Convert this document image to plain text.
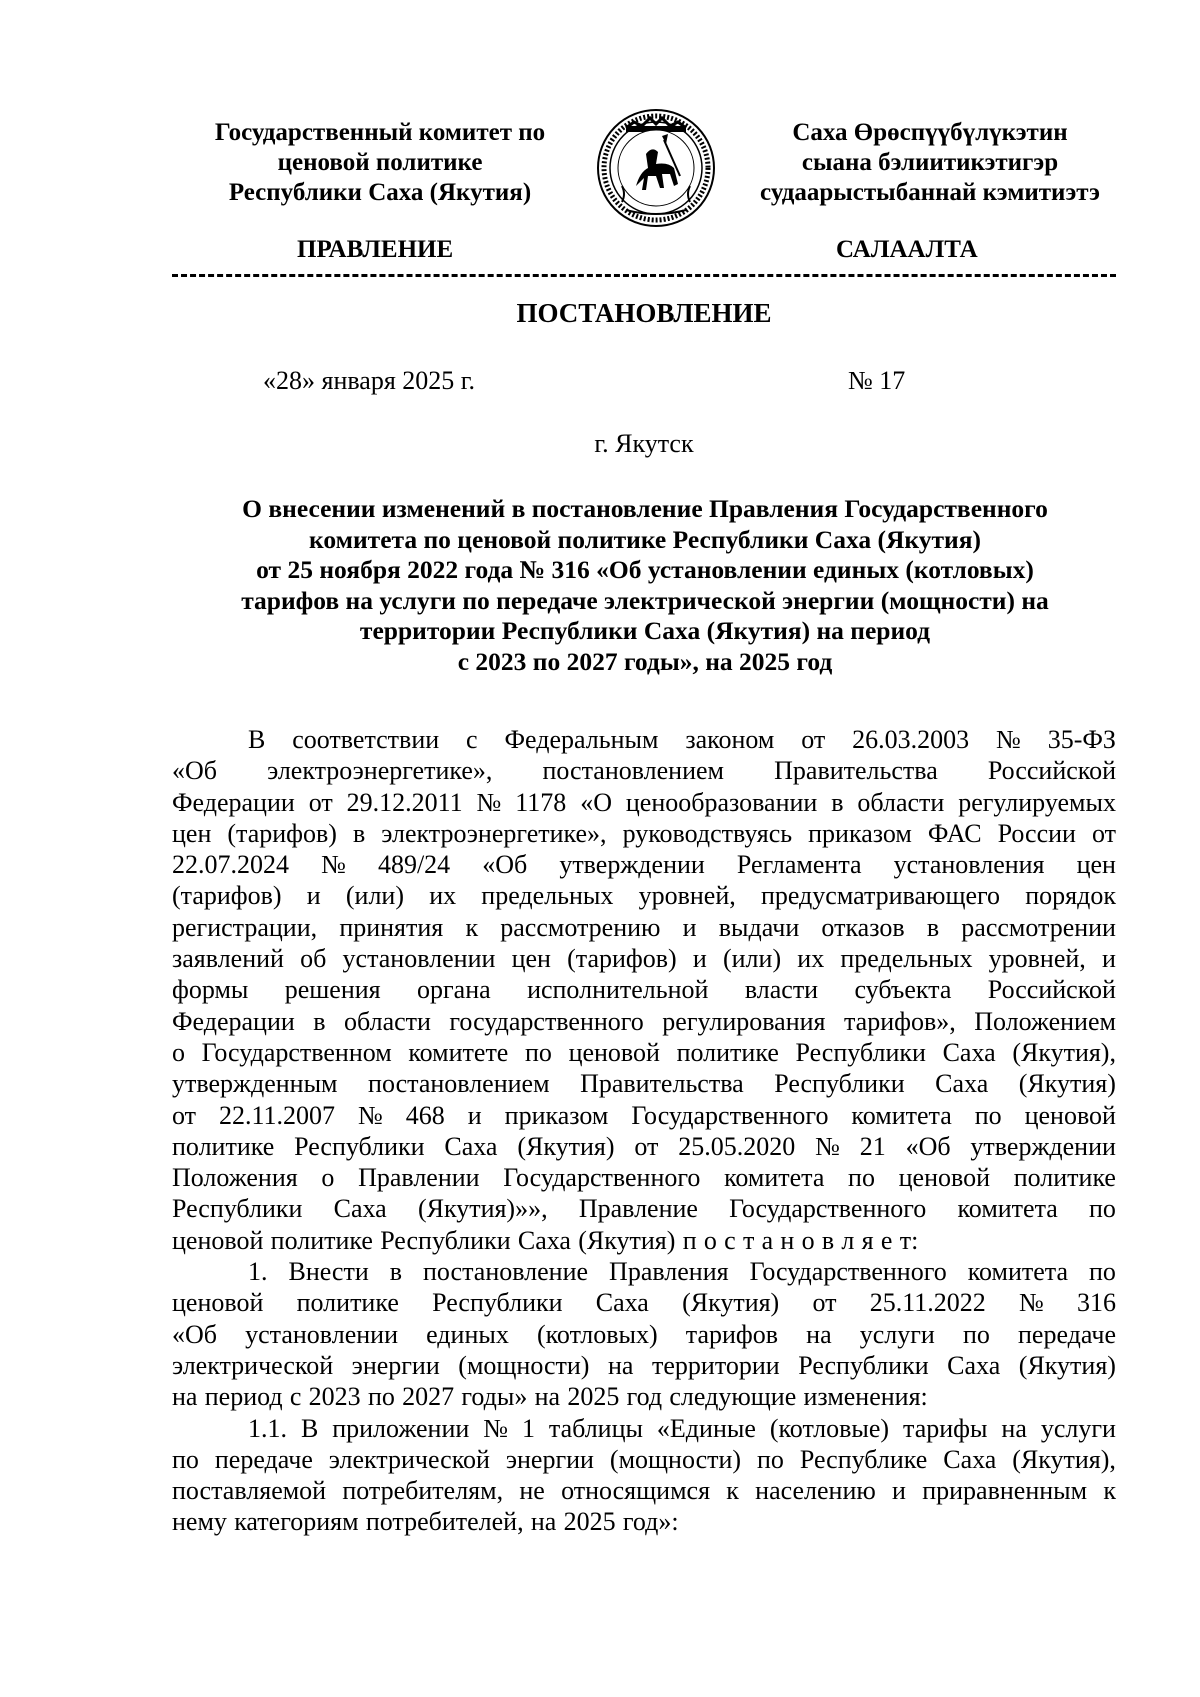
Государственный комитет по
ценовой политике
Республики Саха (Якутия)
Саха Өрөспүүбүлүкэтин
сыана бэлиитикэтигэр
судаарыстыбаннай кэмитиэтэ
ПРАВЛЕНИЕ	САЛААЛТА
ПОСТАНОВЛЕНИЕ
«28» января 2025 г.	№ 17
г. Якутск
О внесении изменений в постановление Правления Государственного
комитета по ценовой политике Республики Саха (Якутия)
от 25 ноября 2022 года № 316 «Об установлении единых (котловых)
тарифов на услуги по передаче электрической энергии (мощности) на
территории Республики Саха (Якутия) на период
с 2023 по 2027 годы», на 2025 год
В соответствии с Федеральным законом от 26.03.2003 № 35-ФЗ
«Об электроэнергетике», постановлением Правительства Российской
Федерации от 29.12.2011 № 1178 «О ценообразовании в области регулируемых
цен (тарифов) в электроэнергетике», руководствуясь приказом ФАС России от
22.07.2024 № 489/24 «Об утверждении Регламента установления цен
(тарифов) и (или) их предельных уровней, предусматривающего порядок
регистрации, принятия к рассмотрению и выдачи отказов в рассмотрении
заявлений об установлении цен (тарифов) и (или) их предельных уровней, и
формы решения органа исполнительной власти субъекта Российской
Федерации в области государственного регулирования тарифов», Положением
о Государственном комитете по ценовой политике Республики Саха (Якутия),
утвержденным постановлением Правительства Республики Саха (Якутия)
от 22.11.2007 № 468 и приказом Государственного комитета по ценовой
политике Республики Саха (Якутия) от 25.05.2020 № 21 «Об утверждении
Положения о Правлении Государственного комитета по ценовой политике
Республики Саха (Якутия)»», Правление Государственного комитета по
ценовой политике Республики Саха (Якутия) п о с т а н о в л я е т:
1. Внести в постановление Правления Государственного комитета по
ценовой политике Республики Саха (Якутия) от 25.11.2022 № 316
«Об установлении единых (котловых) тарифов на услуги по передаче
электрической энергии (мощности) на территории Республики Саха (Якутия)
на период с 2023 по 2027 годы» на 2025 год следующие изменения:
1.1. В приложении № 1 таблицы «Единые (котловые) тарифы на услуги
по передаче электрической энергии (мощности) по Республике Саха (Якутия),
поставляемой потребителям, не относящимся к населению и приравненным к
нему категориям потребителей, на 2025 год»:
